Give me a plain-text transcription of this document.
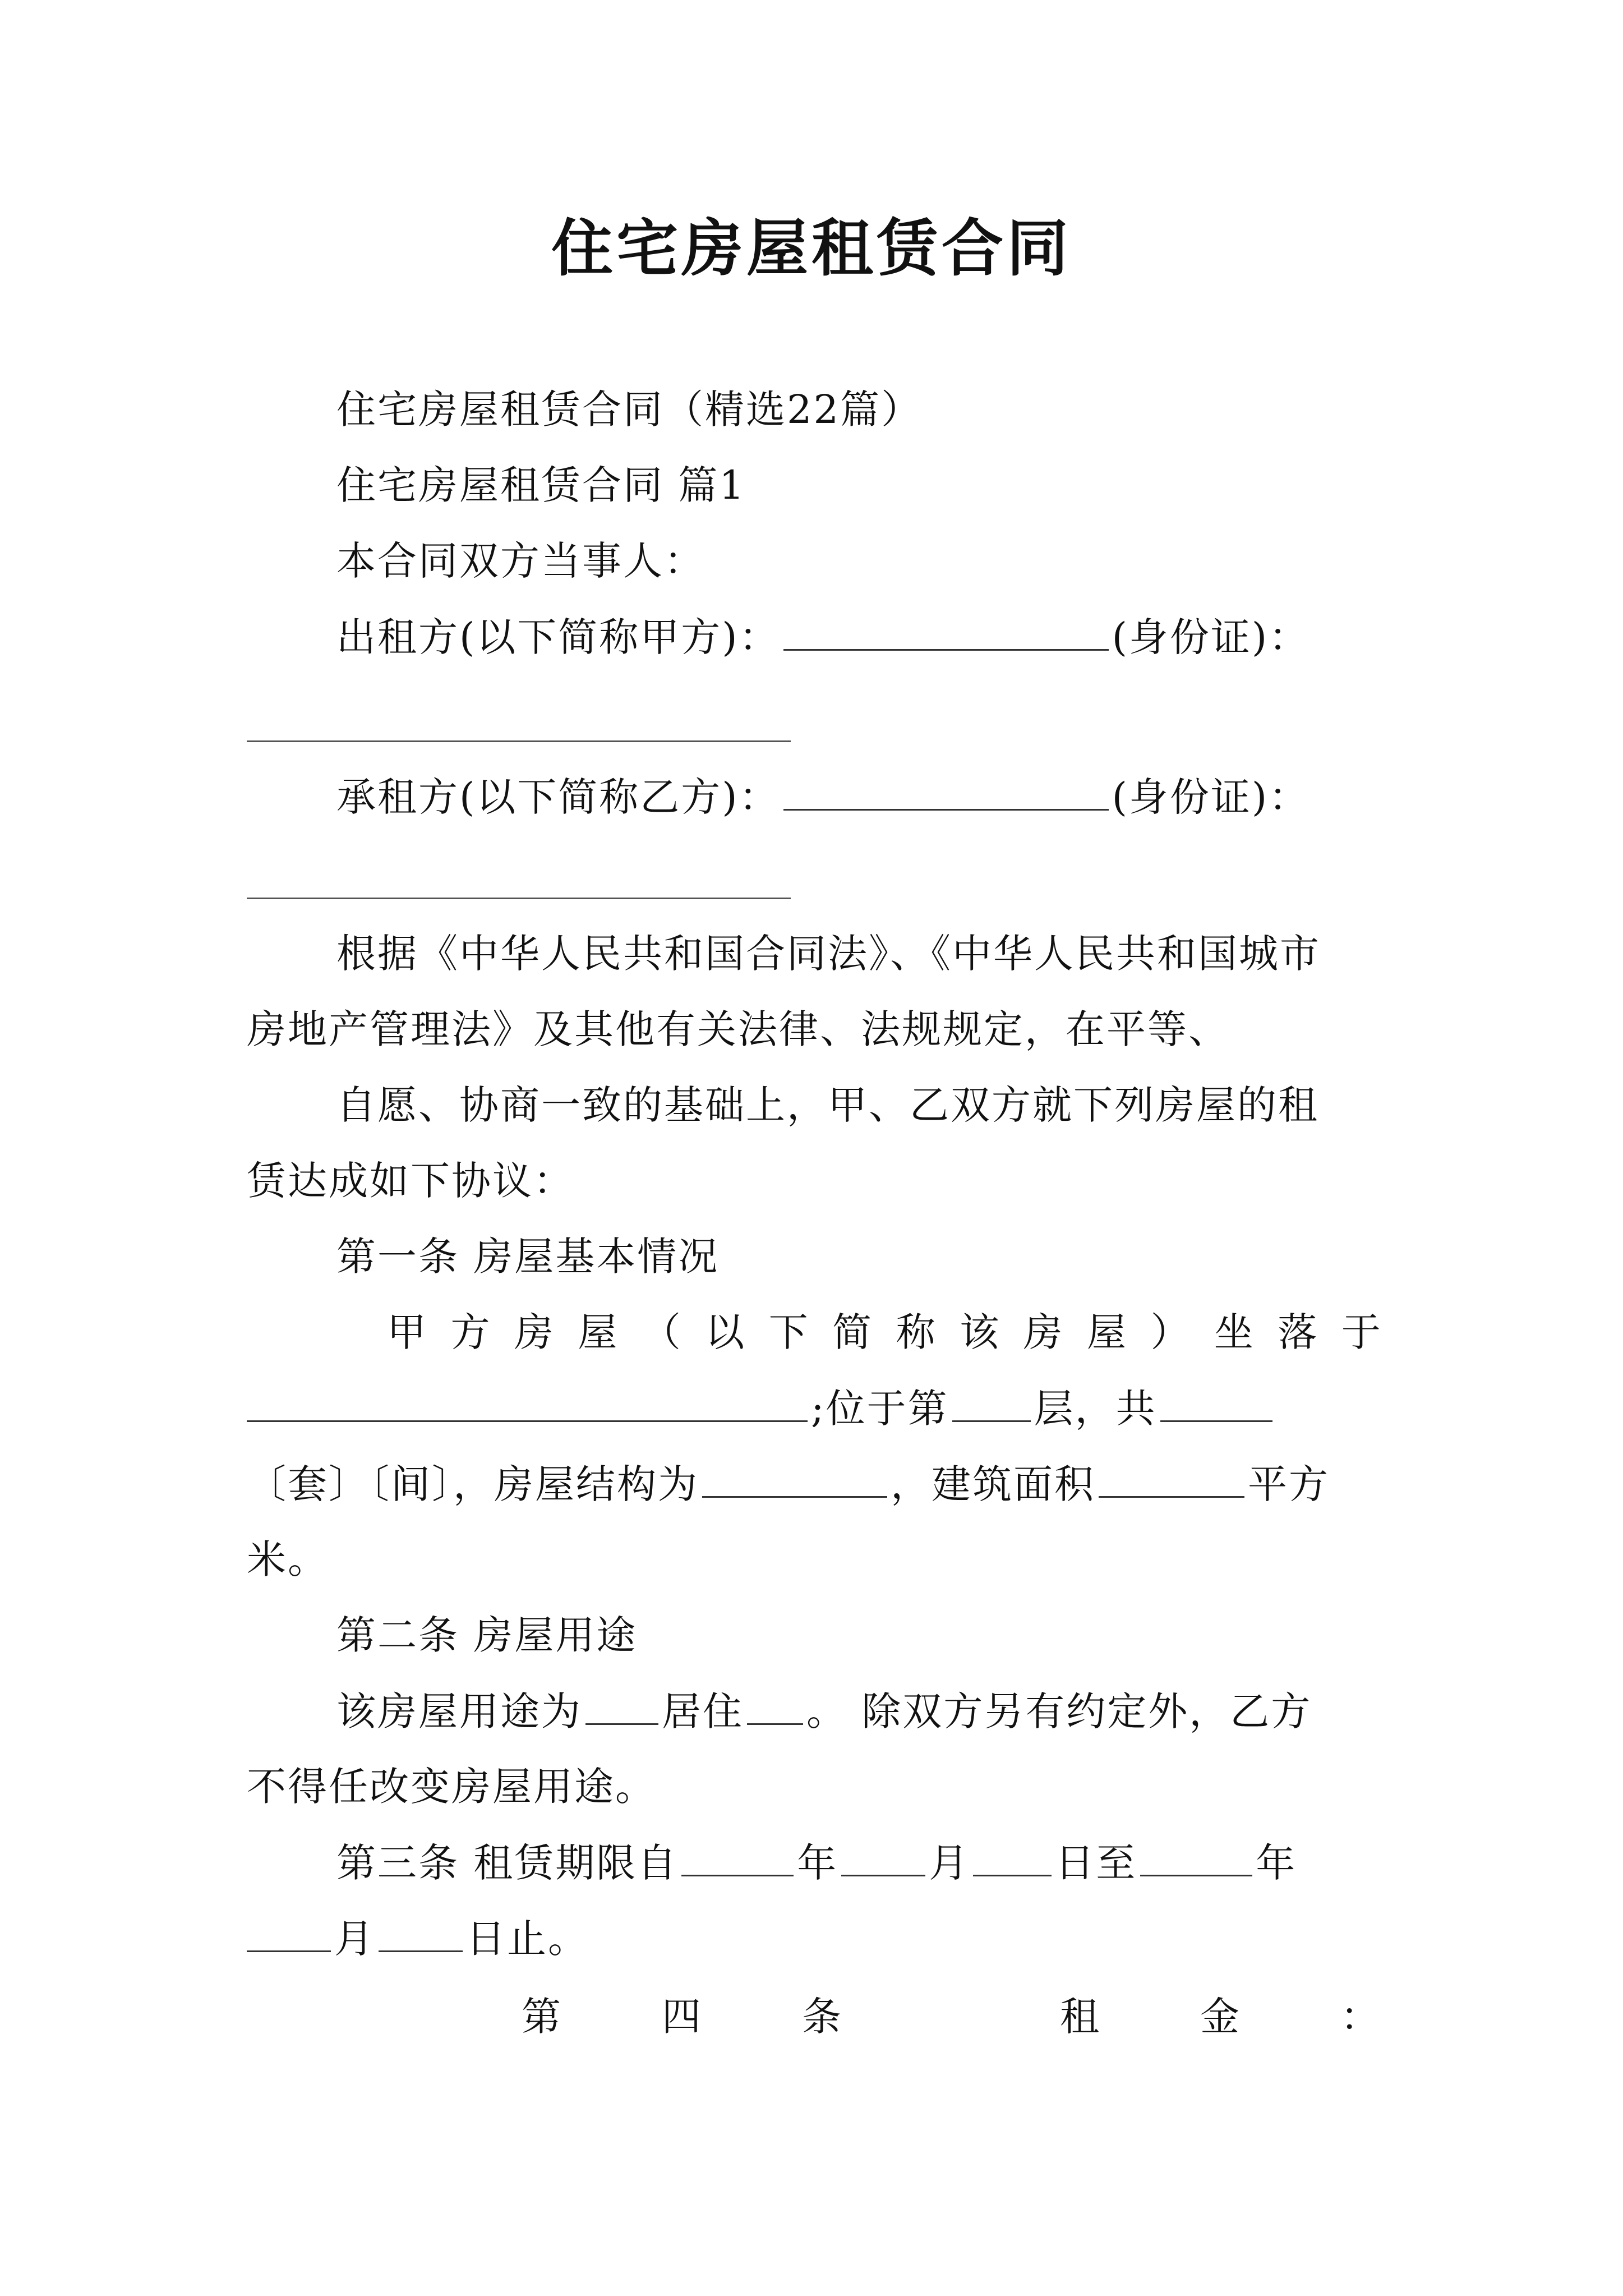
住宅房屋租赁合同
住宅房屋租赁合同（精选22篇）
住宅房屋租赁合同 篇1
本合同双方当事人：
出租方(以下简称甲方)：	(身份证)：
承租方(以下简称乙方)：	(身份证)：
根据《中华人民共和国合同法》、《中华人民共和国城市
房地产管理法》及其他有关法律、法规规定，在平等、
自愿、协商一致的基础上，甲、乙双方就下列房屋的租
赁达成如下协议：
第一条 房屋基本情况
甲 方 房 屋 （ 以 下 简 称 该 房 屋 ） 坐 落 于
;位于第 层，共
〔套〕〔间〕，房屋结构为	，建筑面积	平方
米。
第二条 房屋用途
该房屋用途为 居住 。 除双方另有约定外，乙方
不得任改变房屋用途。
第三条 租赁期限自	年 月 日至	年
月 日止。
第	四	条	租	金	：
